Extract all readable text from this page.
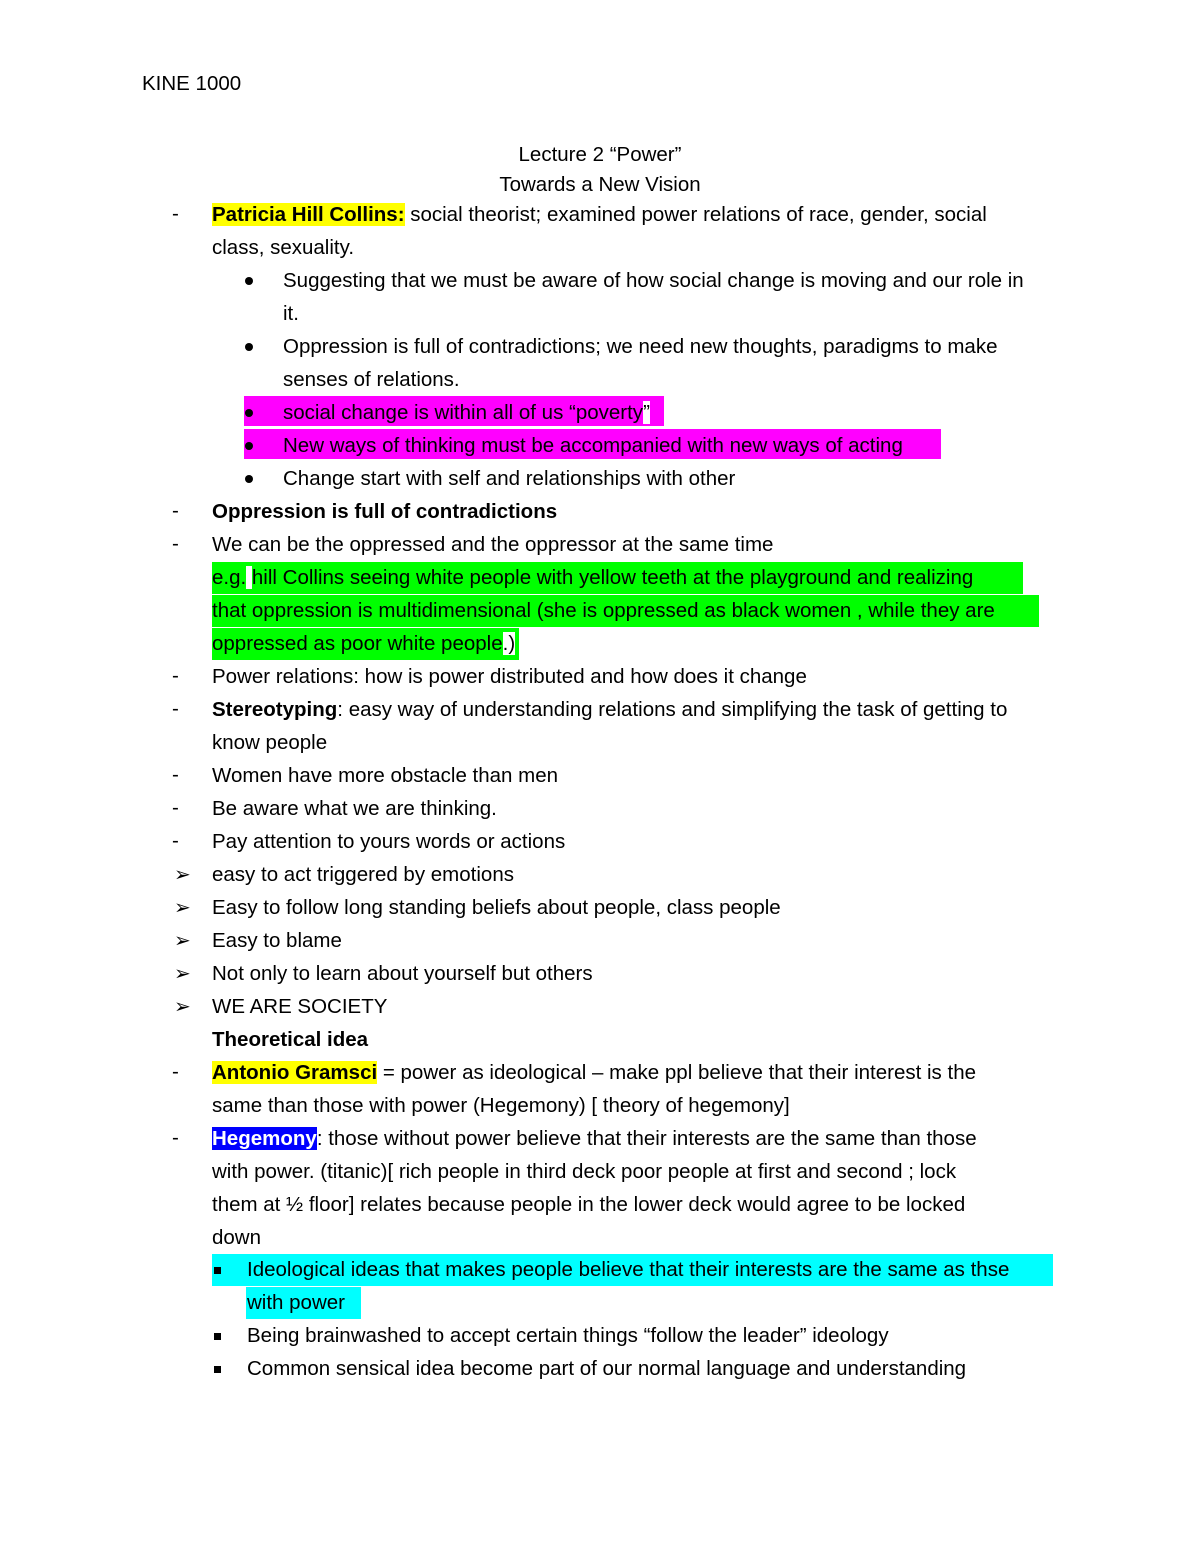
KINE 1000
Lecture 2 “Power”
Towards a New Vision
-	Patricia Hill Collins: social theorist; examined power relations of race, gender, social
class, sexuality.
Suggesting that we must be aware of how social change is moving and our role in
it.
Oppression is full of contradictions; we need new thoughts, paradigms to make
senses of relations.
social change is within all of us “poverty”
New ways of thinking must be accompanied with new ways of acting
Change start with self and relationships with other
-	Oppression is full of contradictions
-	We can be the oppressed and the oppressor at the same time
e.g. hill Collins seeing white people with yellow teeth at the playground and realizing
that oppression is multidimensional (she is oppressed as black women , while they are
oppressed as poor white people.)
-	Power relations: how is power distributed and how does it change
-	Stereotyping: easy way of understanding relations and simplifying the task of getting to
know people
-	Women have more obstacle than men
-	Be aware what we are thinking.
-	Pay attention to yours words or actions
➢	easy to act triggered by emotions
➢	Easy to follow long standing beliefs about people, class people
➢	Easy to blame
➢	Not only to learn about yourself but others
➢	WE ARE SOCIETY
Theoretical idea
-	Antonio Gramsci = power as ideological – make ppl believe that their interest is the
same than those with power (Hegemony) [ theory of hegemony]
-	Hegemony: those without power believe that their interests are the same than those
with power. (titanic)[ rich people in third deck poor people at first and second ; lock
them at ½ floor] relates because people in the lower deck would agree to be locked
down
Ideological ideas that makes people believe that their interests are the same as thse
with power
Being brainwashed to accept certain things “follow the leader” ideology
Common sensical idea become part of our normal language and understanding
